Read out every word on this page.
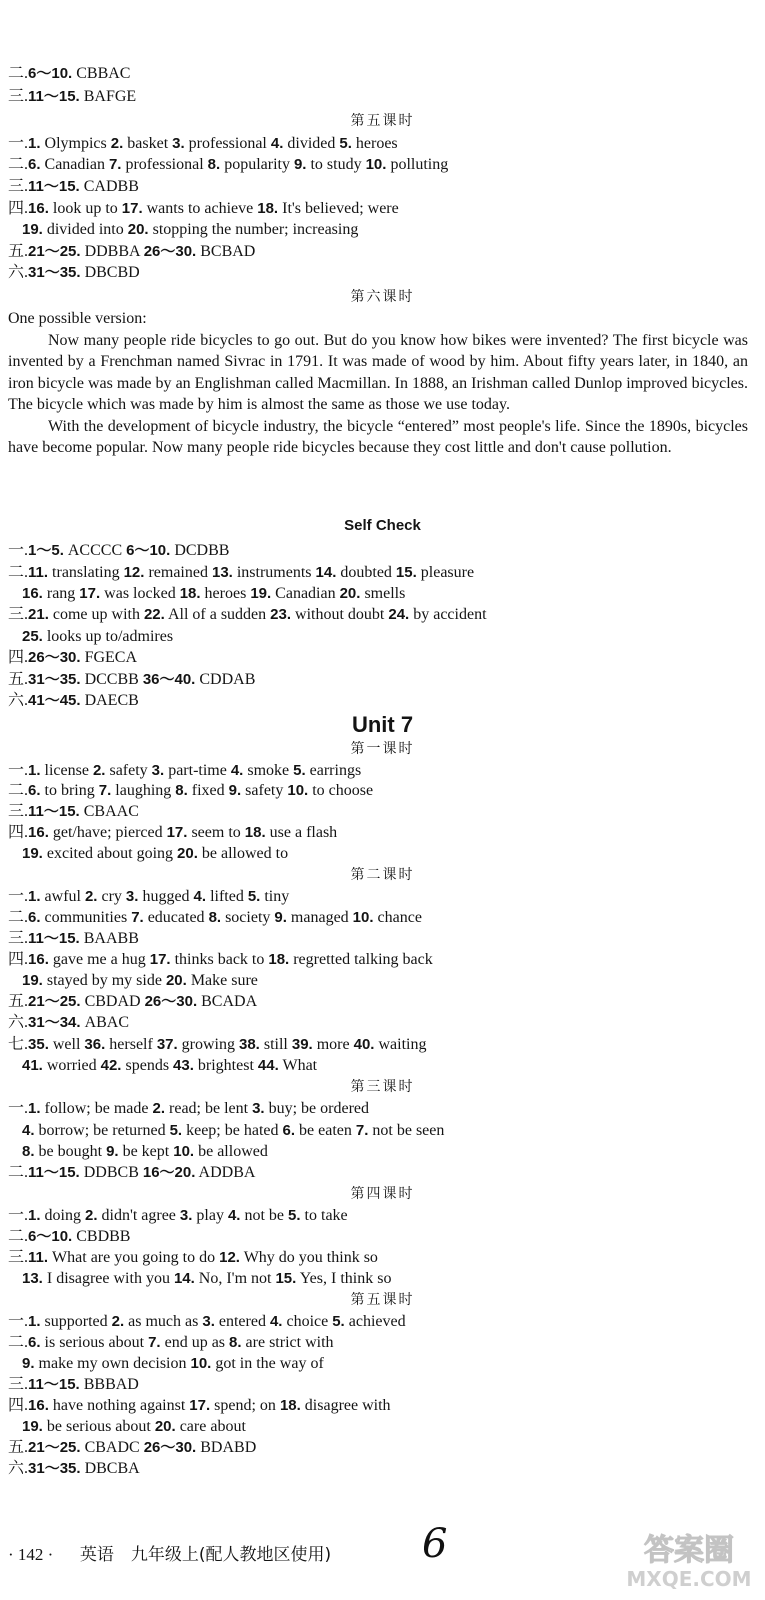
二.6～10. CBBAC
三.11～15. BAFGE
第五课时
一.1. Olympics 2. basket 3. professional 4. divided 5. heroes
二.6. Canadian 7. professional 8. popularity 9. to study 10. polluting
三.11～15. CADBB
四.16. look up to 17. wants to achieve 18. It's believed; were
19. divided into 20. stopping the number; increasing
五.21～25. DDBBA 26～30. BCBAD
六.31～35. DBCBD
第六课时
One possible version:
Self Check
一.1～5. ACCCC 6～10. DCDBB
二.11. translating 12. remained 13. instruments 14. doubted 15. pleasure
16. rang 17. was locked 18. heroes 19. Canadian 20. smells
三.21. come up with 22. All of a sudden 23. without doubt 24. by accident
25. looks up to/admires
四.26～30. FGECA
五.31～35. DCCBB 36～40. CDDAB
六.41～45. DAECB
Unit 7
第一课时
一.1. license 2. safety 3. part-time 4. smoke 5. earrings
二.6. to bring 7. laughing 8. fixed 9. safety 10. to choose
三.11～15. CBAAC
四.16. get/have; pierced 17. seem to 18. use a flash
19. excited about going 20. be allowed to
第二课时
一.1. awful 2. cry 3. hugged 4. lifted 5. tiny
二.6. communities 7. educated 8. society 9. managed 10. chance
三.11～15. BAABB
四.16. gave me a hug 17. thinks back to 18. regretted talking back
19. stayed by my side 20. Make sure
五.21～25. CBDAD 26～30. BCADA
六.31～34. ABAC
七.35. well 36. herself 37. growing 38. still 39. more 40. waiting
41. worried 42. spends 43. brightest 44. What
第三课时
一.1. follow; be made 2. read; be lent 3. buy; be ordered
4. borrow; be returned 5. keep; be hated 6. be eaten 7. not be seen
8. be bought 9. be kept 10. be allowed
二.11～15. DDBCB 16～20. ADDBA
第四课时
一.1. doing 2. didn't agree 3. play 4. not be 5. to take
二.6～10. CBDBB
三.11. What are you going to do 12. Why do you think so
13. I disagree with you 14. No, I'm not 15. Yes, I think so
第五课时
一.1. supported 2. as much as 3. entered 4. choice 5. achieved
二.6. is serious about 7. end up as 8. are strict with
9. make my own decision 10. got in the way of
三.11～15. BBBAD
四.16. have nothing against 17. spend; on 18. disagree with
19. be serious about 20. care about
五.21～25. CBADC 26～30. BDABD
六.31～35. DBCBA
Now many people ride bicycles to go out. But do you know how bikes were invented? The first bicycle was invented by a Frenchman named Sivrac in 1791. It was made of wood by him. About fifty years later, in 1840, an iron bicycle was made by an Englishman called Macmillan. In 1888, an Irishman called Dunlop improved bicycles. The bicycle which was made by him is almost the same as those we use today.
With the development of bicycle industry, the bicycle “entered” most people's life. Since the 1890s, bicycles have become popular. Now many people ride bicycles because they cost little and don't cause pollution.
· 142 · 英语　九年级上(配人教地区使用) 6	答案圈
MXQE.COM
